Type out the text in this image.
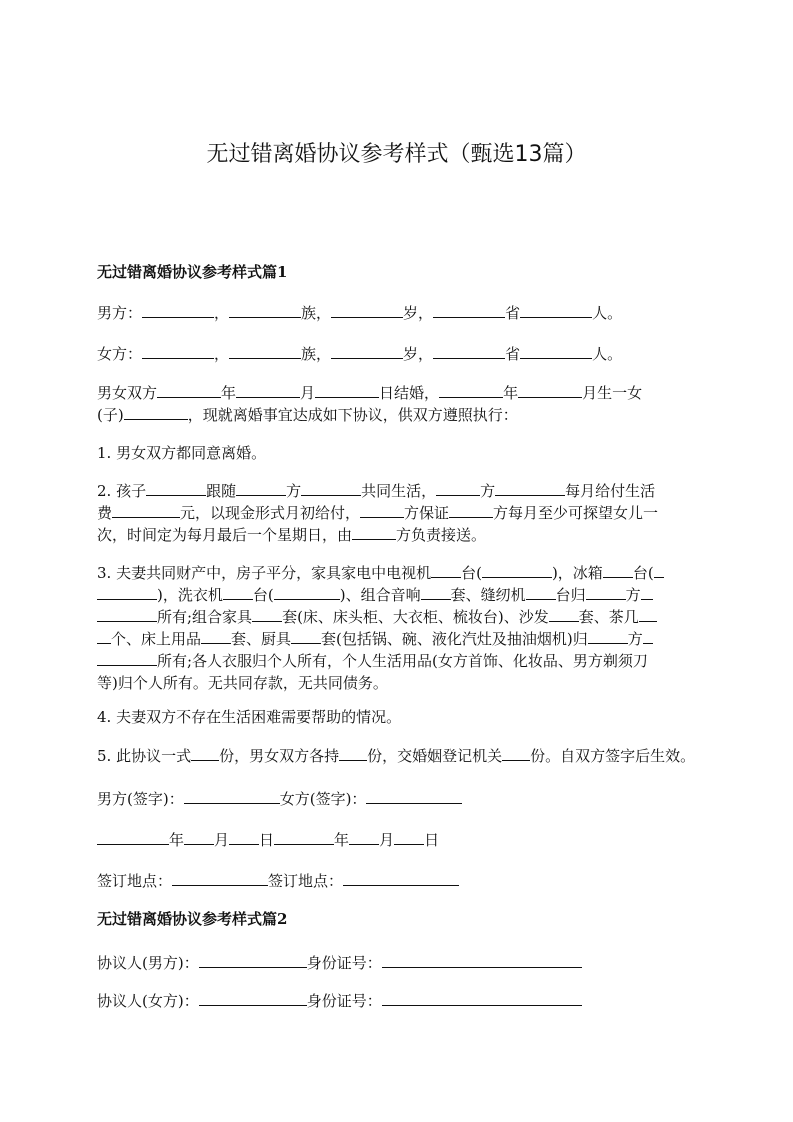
无过错离婚协议参考样式（甄选13篇）
无过错离婚协议参考样式篇1
男方：	，	族，	岁，	省	人。
女方：	，	族，	岁，	省	人。
男女双方	年	月	日结婚，	年	月生一女
(子)	，现就离婚事宜达成如下协议，供双方遵照执行：
1. 男女双方都同意离婚。
2. 孩子	跟随	方	共同生活，	方	每月给付生活
费	元，以现金形式月初给付，	方保证	方每月至少可探望女儿一
次，时间定为每月最后一个星期日，由	方负责接送。
3. 夫妻共同财产中，房子平分，家具家电中电视机 台(	)，冰箱 台(
)，洗衣机 台(	)、组合音响 套、缝纫机 台归	方
所有;组合家具 套(床、床头柜、大衣柜、梳妆台)、沙发 套、茶几
个、床上用品 套、厨具 套(包括锅、碗、液化汽灶及抽油烟机)归	方
所有;各人衣服归个人所有，个人生活用品(女方首饰、化妆品、男方剃须刀
等)归个人所有。无共同存款，无共同债务。
4. 夫妻双方不存在生活困难需要帮助的情况。
5. 此协议一式 份，男女双方各持 份，交婚姻登记机关 份。自双方签字后生效。
男方(签字)：	女方(签字)：
年 月 日	年 月 日
签订地点：	签订地点：
无过错离婚协议参考样式篇2
协议人(男方)：	身份证号：
协议人(女方)：	身份证号：
